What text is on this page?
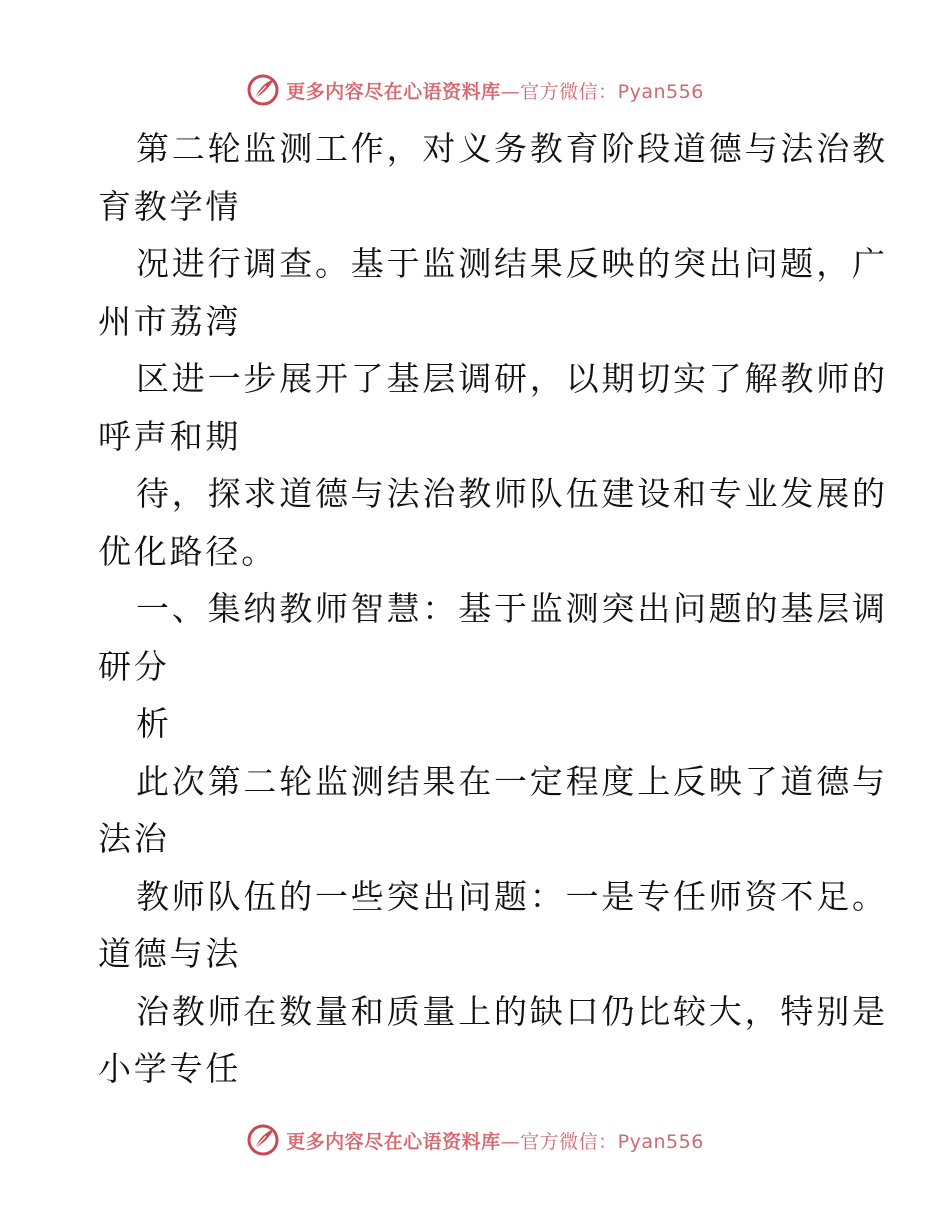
更多内容尽在心语资料库—官方微信：Pyan556
第二轮监测工作，对义务教育阶段道德与法治教
育教学情
况进行调查。基于监测结果反映的突出问题，广
州市荔湾
区进一步展开了基层调研，以期切实了解教师的
呼声和期
待，探求道德与法治教师队伍建设和专业发展的
优化路径。
一、集纳教师智慧：基于监测突出问题的基层调
研分
析
此次第二轮监测结果在一定程度上反映了道德与
法治
教师队伍的一些突出问题：一是专任师资不足。
道德与法
治教师在数量和质量上的缺口仍比较大，特别是
小学专任
更多内容尽在心语资料库—官方微信：Pyan556
